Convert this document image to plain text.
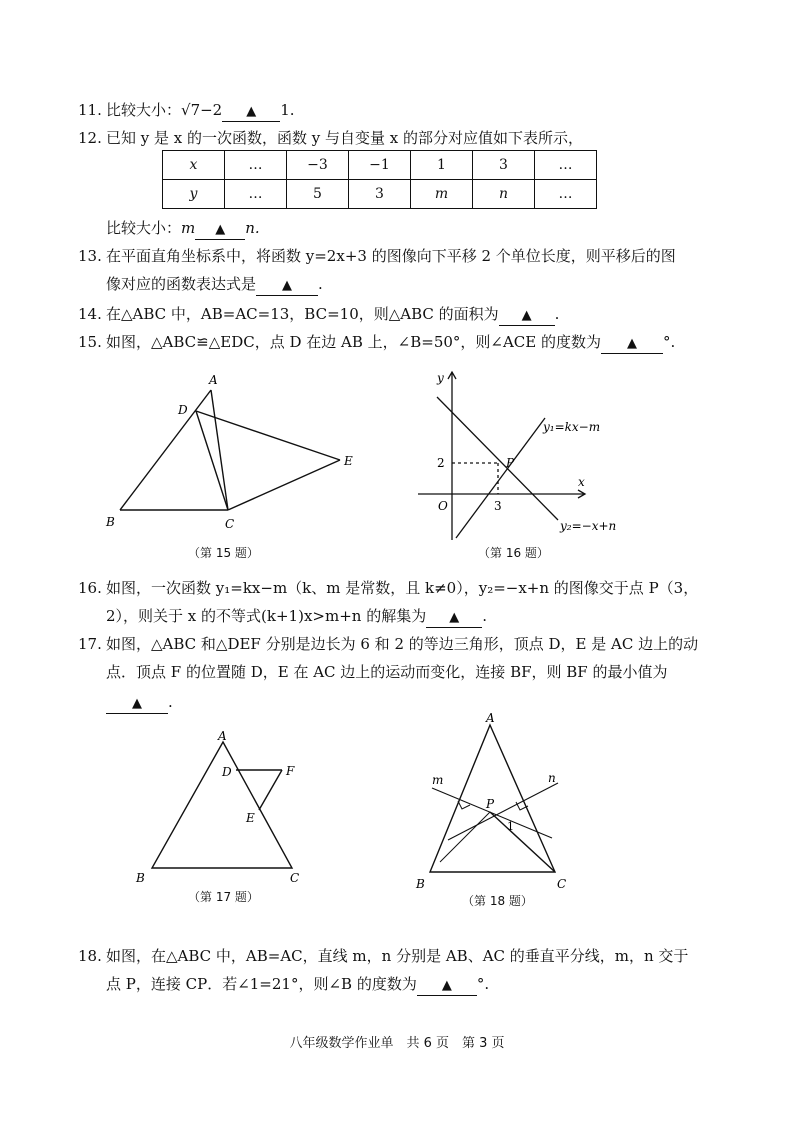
11. 比较大小：√7−2 ▲ 1.
12. 已知 y 是 x 的一次函数，函数 y 与自变量 x 的部分对应值如下表所示，
x	…	−3	−1	1	3	…
y	…	5	3	m	n	…
比较大小：m ▲ n.
13. 在平面直角坐标系中，将函数 y=2x+3 的图像向下平移 2 个单位长度，则平移后的图
像对应的函数表达式是 ▲ .
14. 在△ABC 中，AB=AC=13，BC=10，则△ABC 的面积为 ▲ .
15. 如图，△ABC≌△EDC，点 D 在边 AB 上，∠B=50°，则∠ACE 的度数为 ▲ °.
A
B	C
D
E
y
x
O
2
3
P
y₁=kx−m
y₂=−x+n
A
B	C
D	F
E
A
B	C
P
m	n
1
（第 15 题）	（第 16 题）
16. 如图，一次函数 y₁=kx−m（k、m 是常数，且 k≠0），y₂=−x+n 的图像交于点 P（3，
2），则关于 x 的不等式(k+1)x>m+n 的解集为 ▲ .
17. 如图，△ABC 和△DEF 分别是边长为 6 和 2 的等边三角形，顶点 D，E 是 AC 边上的动
点．顶点 F 的位置随 D，E 在 AC 边上的运动而变化，连接 BF，则 BF 的最小值为
▲ .
（第 17 题）	（第 18 题）
18. 如图，在△ABC 中，AB=AC，直线 m，n 分别是 AB、AC 的垂直平分线，m，n 交于
点 P，连接 CP．若∠1=21°，则∠B 的度数为 ▲ °.
八年级数学作业单　共 6 页　第 3 页
